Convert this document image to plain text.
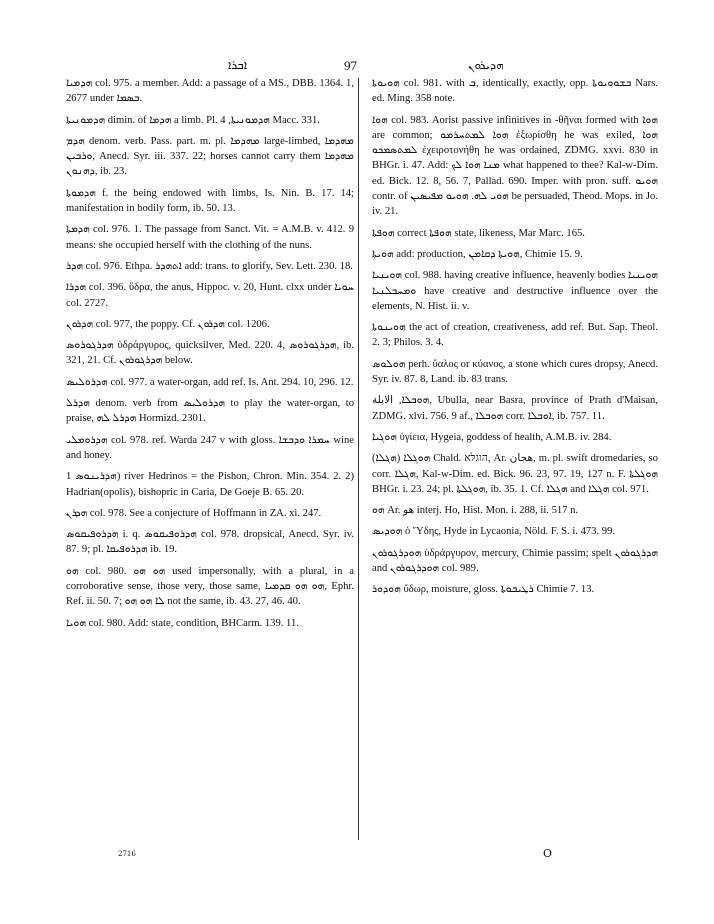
ܐܒܪܐ	97	ܗܕܝܪܘܢ
ܗܕܡܝܐ col. 975. a member. Add: a passage of a MS., DBB. 1364. 1, 2677 under ܒܣܡܐ.
ܗܕܡܘܢܝܬܐ dimin. of ܗܕܡܐ a limb. Pl. ܗܕܡܘܢܝܬܐ, 4 Macc. 331.
ܗܕܡ denom. verb. Pass. part. m. pl. ܡܗܕܡܐ large-limbed, ܡܗܕܡܐ ܘܪܒܝܢ, Anecd. Syr. iii. 337. 22; horses cannot carry them ܡܗܕܡܐ ܕܗܢܘܢ, ib. 23.
ܗܕܡܘܬܐ f. the being endowed with limbs, Is. Nin. B. 17. 14; manifestation in bodily form, ib. 50. 13.
ܗܕܡܬܐ col. 976. 1. The passage from Sanct. Vit. = A.M.B. v. 412. 9 means: she occupied herself with the clothing of the nuns.
ܗܕܪ col. 976. Ethpa. ܐܬܗܕܪ add: trans. to glorify, Sev. Lett. 230. 18.
ܗܕܪܐ col. 396. ὕδρα, the anus, Hippoc. v. 20, Hunt. clxx under ܚܘܝܐ col. 2727.
ܗܕܪܘܢ col. 977, the poppy. Cf. ܗܕܪܘܢ col. 1206.
ܗܕܪܓܘܪܘܣ ὑδράργυρος, quicksilver, Med. 220. 4, ܗܕܪܓܘܪܘܣ, ib. 321, 21. Cf. ܗܕܪܓܘܪܘܢ below.
ܗܕܪܘܠܝܣ col. 977. a water-organ, add ref. Is. Ant. 294. 10, 296. 12.
ܗܕܪܠ denom. verb from ܗܕܪܘܠܝܣ to play the water-organ, to praise, ܗܕܪܠ ܠܗ Hormizd. 2301.
ܗܕܪܘܡܠܝ col. 978. ref. Warda 247 v with gloss. ܚܡܪܐ ܘܕܒܫܐ wine and honey.
ܗܕܪܝܢܘܣ 1) river Hedrinos = the Pishon, Chron. Min. 354. 2. 2) Hadrian(opolis), bishopric in Caria, De Goeje B. 65. 20.
ܗܕܪܢ col. 978. See a conjecture of Hoffmann in ZA. xi. 247.
ܗܕܪܘܦܝܩܘܣ i. q. ܗܕܪܘܦܝܩܘܣ col. 978. dropsical, Anecd. Syr. iv. 87. 9; pl. ܗܕܪܘܦܝܩܐ ib. 19.
ܗܘ col. 980. ܗܘ ܗܘ used impersonally, with a plural, in a corroborative sense, those very, those same, ܗܘ ܗܘ ܩܕܡܝܐ, Ephr. Ref. ii. 50. 7; ܠܐ ܗܘ ܗܘ not the same, ib. 43. 27, 46. 40.
ܗܘܝܐ col. 980. Add: state, condition, BHCarm. 139. 11.
ܗܘܝܘܬܐ col. 981. with ܒ, identically, exactly, opp. ܒܫܘܘܝܘܬܐ Nars. ed. Ming. 358 note.
ܗܘܐ col. 983. Aorist passive infinitives in -θῆναι formed with ܗܘܐ are common; ܗܘܐ ܠܡܬܚܪܡܘ ἐξωρίσθη he was exiled, ܗܘܐ ܠܡܬܣܡܟܘ ἐχειροτονήθη he was ordained, ZDMG. xxvi. 830 in BHGr. i. 47. Add: ܡܢܐ ܗܘܐ ܠܟ what happened to thee? Kal-w-Dim. ed. Bick. 12. 8, 56. 7, Pallad. 690. Imper. with pron. suff. ܗܘܝܘ contr. of ܗܘܝ ܠܗ. ܗܘܝܘ ܡܦܝܣܝܢ be persuaded, Theod. Mops. in Jo. iv. 21.
ܗܘܦܬܐ correct ܗܘܦܬܐ state, likeness, Mar Marc. 165.
ܗܘܝܬܐ add: production, ܗܘܝܬܐ ܕܩܐܡܢ, Chimie 15. 9.
ܗܘܝܢܝܐ col. 988. having creative influence, heavenly bodies ܗܘܝܢܝܐ ܘܡܚܒܠܢܝܐ have creative and destructive influence over the elements, N. Hist. ii. v.
ܗܘܝܢܘܬܐ the act of creation, creativeness, add ref. But. Sap. Theol. 2. 3; Philos. 3. 4.
ܗܘܠܘܣ perh. ὕαλος or κύανος, a stone which cures dropsy, Anecd. Syr. iv. 87. 8, Land. ib. 83 trans.
ܗܘܒܠܐ, الابلة, Ubulla, near Basra, province of Prath d'Maisan, ZDMG. xlvi. 756. 9 af., ܗܘܒܠܐ corr. ܐܘܒܠܐ, ib. 757. 11.
ܗܘܓܝܐ ὑγίεια, Hygeia, goddess of health, A.M.B. iv. 284.
ܗܘܓܠܐ (ܗܓܠܐ) Chald. הוגלא, Ar. هجان, m. pl. swift dromedaries, so corr. ܗܓܠܐ, Kal-w-Dim. ed. Bick. 96. 23, 97. 19, 127 n. F. ܗܘܓܠܬܐ BHGr. i. 23. 24; pl. ܗܘܓܠܬܐ, ib. 35. 1. Cf. ܗܓܠܐ and ܗܓܠܐ col. 971.
ܗܘ Ar. هو interj. Ho, Hist. Mon. i. 288, ii. 517 n.
ܗܘܕܝܣ ὁ Ὕδης, Hyde in Lycaonia, Nöld. F. S. i. 473. 99.
ܗܘܕܪܓܘܪܘܢ ὑδράργυρον, mercury, Chimie passim; spelt ܗܕܪܓܘܪܘܢ and ܗܘܕܪܓܘܪܘܢ col. 989.
ܗܘܕܘܪ ὕδωρ, moisture, gloss. ܪܛܝܒܘܬܐ Chimie 7. 13.
2716	O
